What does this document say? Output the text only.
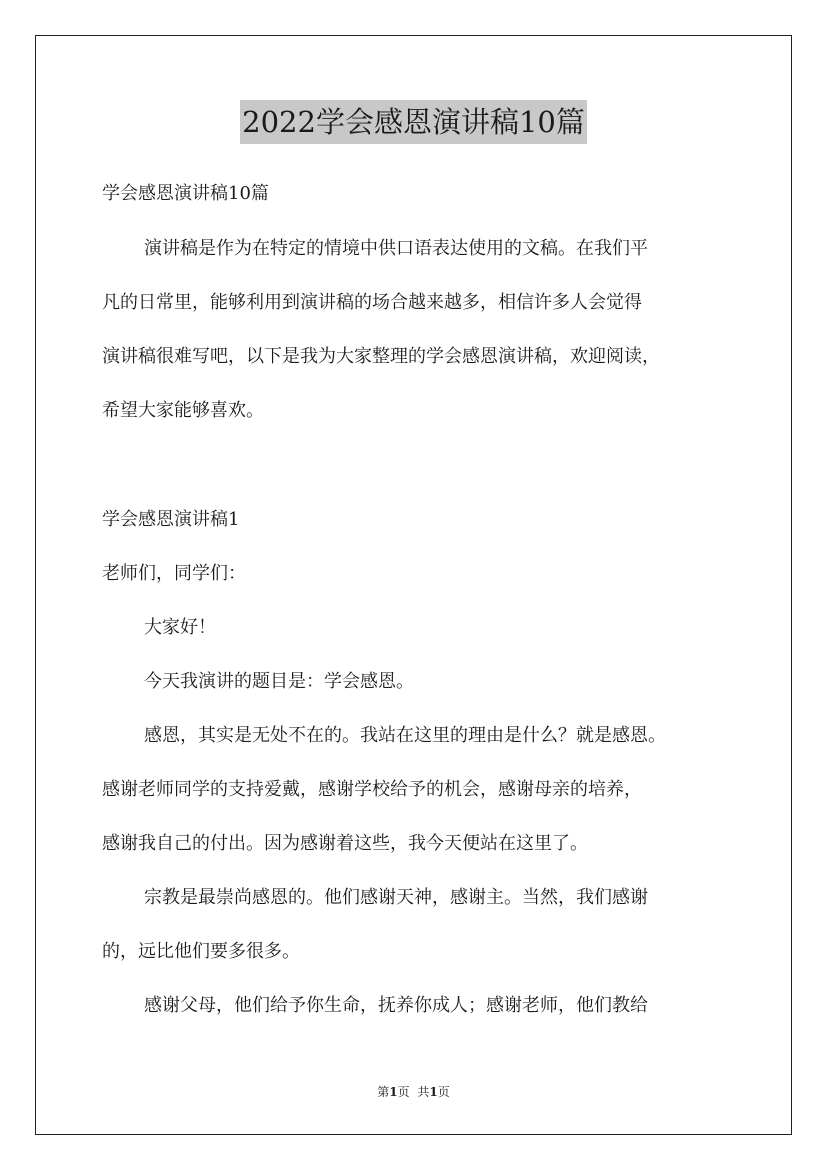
2022学会感恩演讲稿10篇
学会感恩演讲稿10篇
演讲稿是作为在特定的情境中供口语表达使用的文稿。在我们平
凡的日常里，能够利用到演讲稿的场合越来越多，相信许多人会觉得
演讲稿很难写吧，以下是我为大家整理的学会感恩演讲稿，欢迎阅读，
希望大家能够喜欢。
学会感恩演讲稿1
老师们，同学们：
大家好！
今天我演讲的题目是：学会感恩。
感恩，其实是无处不在的。我站在这里的理由是什么？就是感恩。
感谢老师同学的支持爱戴，感谢学校给予的机会，感谢母亲的培养，
感谢我自己的付出。因为感谢着这些，我今天便站在这里了。
宗教是最崇尚感恩的。他们感谢天神，感谢主。当然，我们感谢
的，远比他们要多很多。
感谢父母，他们给予你生命，抚养你成人；感谢老师，他们教给
第1页 共1页
